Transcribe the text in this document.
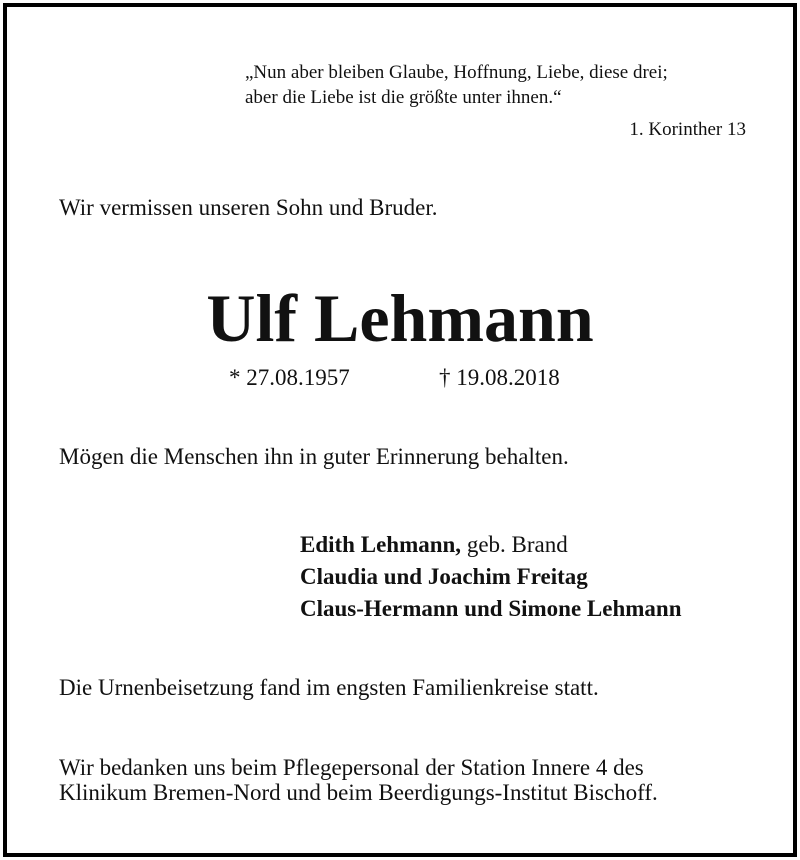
„Nun aber bleiben Glaube, Hoffnung, Liebe, diese drei;
aber die Liebe ist die größte unter ihnen.“
1. Korinther 13
Wir vermissen unseren Sohn und Bruder.
Ulf Lehmann
* 27.08.1957	† 19.08.2018
Mögen die Menschen ihn in guter Erinnerung behalten.
Edith Lehmann, geb. Brand
Claudia und Joachim Freitag
Claus-Hermann und Simone Lehmann
Die Urnenbeisetzung fand im engsten Familienkreise statt.
Wir bedanken uns beim Pflegepersonal der Station Innere 4 des
Klinikum Bremen-Nord und beim Beerdigungs-Institut Bischoff.
